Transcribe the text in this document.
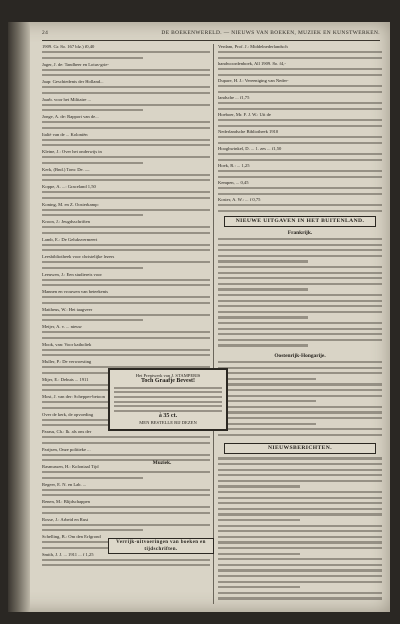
24	DE BOEKENWERELD. — NIEUWS VAN BOEKEN, MUZIEK EN KUNSTWERKEN.
1909. Gr. 8o. 167 blz.) f0,40
Jager, J. de: Tandheer en Lotus-grie-
Jaap: Geschiedenis der Holland...
Jaarb. voor het Militaire ...
Jonge, A. de: Rapport van de...
Italië van de ... Koloniën
Kleine, J.: Over het onderwijs in
Kerk, (Bnd.) Tom: De. —
Koppe, A. ...: Graceland 1,50
Koning, M. en Z. Oosterkamp:
Kroon, J.: Jeugdsschriften
Lamb, E.: De Geluksvermeert
Leesbibliotheek voor christelijke lezers
Leeuwen, J.: Een studiereis voor
Mannen en vrouwen van beteekenis
Mattheus, W.: Het taagveer
Meijer, A. v. ... nieuw
Mook, van: Voor katholiek
Muller, P.: De verwoesting
Mijer, E.: Debuts ... 1911
Most, J. van der: Schepper-betoon
Over de kerk, de opvoeding
Parasu, Ch.: Ik. als ons der
Parijsen, Onze politieke ...
Rasmussen, H.: Koloniaal Tijd
Regeer, E. N. en Lab. ...
Renen, M.: Blijdschappen
Rosse, J.: Arbeid en Rust
Schelling, B.: Om den Erfgrond
Smith, J. J. ... 1911 ... f 1,25
Verdam, Prof. J.: Middelnederlandsch
handwoordenboek, All 1909. 8o. f4,-
Dupare, H. J.: Vereeniging van Neder-
landsche ... f1,75
Hoeboer, Mr. F. J. W.: Uit de
Nederlandsche Bibliotheek 1910
Hooghwinkel, D. ... 1. zes ... f1,50
Hoek, R.: ... 1,25
Kempen, ... 0,45
Koster, A. W.: ... f 0,75
NIEUWE UITGAVEN IN HET BUITENLAND.
Frankrijk.
Oostenrijk-Hongarije.
NIEUWSBERICHTEN.
Het Prentwerk van J. STAMPERIS
Toch Graafje Bevest!
à 35 ct.
MEN BESTELLE BIJ DEZEN
Muziek.
Verrijk-uitvoeringen van boeken en tijdschriften.
